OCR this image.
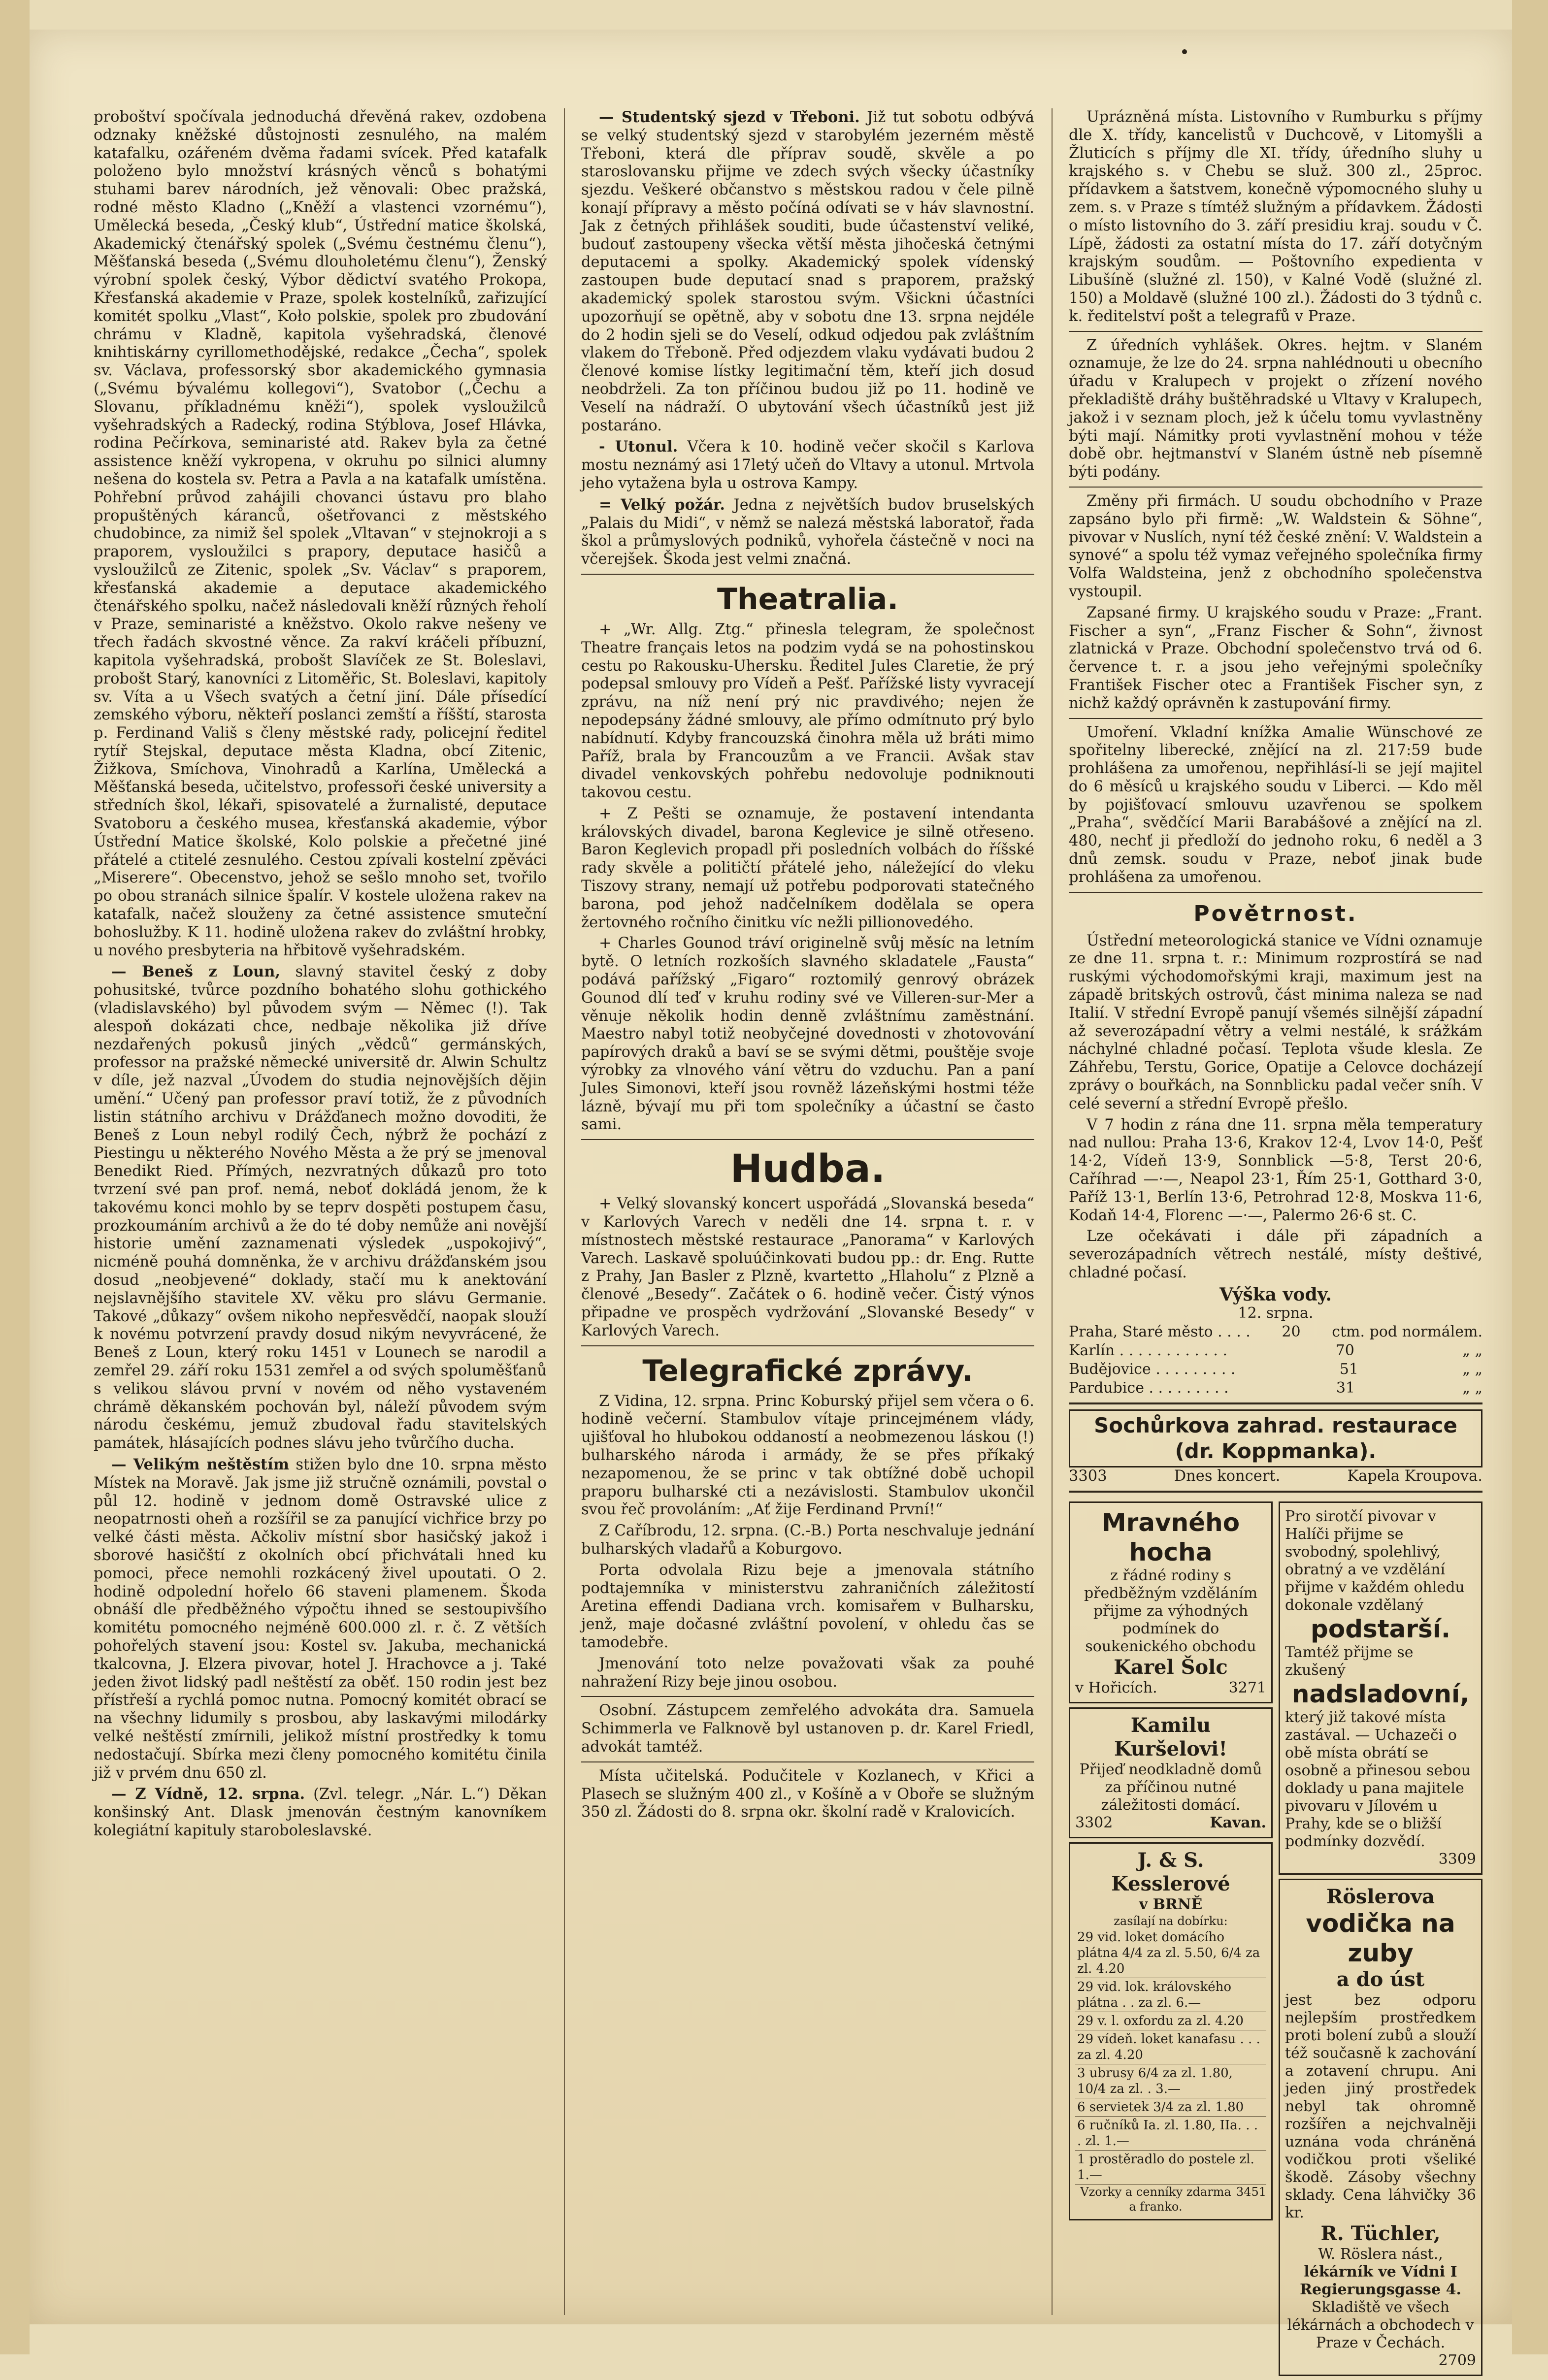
proboštví spočívala jednoduchá dřevěná rakev, ozdobena odznaky kněžské důstojnosti zesnulého, na malém katafalku, ozářeném dvěma řadami svícek. Před katafalk položeno bylo množství krásných věnců s bohatými stuhami barev národních, jež věnovali: Obec pražská, rodné město Kladno („Kněží a vlastenci vzornému“), Umělecká beseda, „Český klub“, Ústřední matice školská, Akademický čtenářský spolek („Svému čestnému členu“), Měšťanská beseda („Svému dlouholetému členu“), Ženský výrobní spolek český, Výbor dědictví svatého Prokopa, Křesťanská akademie v Praze, spolek kostelníků, zařizující komitét spolku „Vlast“, Koło polskie, spolek pro zbudování chrámu v Kladně, kapitola vyšehradská, členové knihtiskárny cyrillomethodějské, redakce „Čecha“, spolek sv. Václava, professorský sbor akademického gymnasia („Svému bývalému kollegovi“), Svatobor („Čechu a Slovanu, příkladnému kněži“), spolek vysloužilců vyšehradských a Radecký, rodina Stýblova, Josef Hlávka, rodina Pečírkova, seminaristé atd. Rakev byla za četné assistence kněží vykropena, v okruhu po silnici alumny nešena do kostela sv. Petra a Pavla a na katafalk umístěna. Pohřební průvod zahájili chovanci ústavu pro blaho propuštěných káranců, ošetřovanci z městského chudobince, za nimiž šel spolek „Vltavan“ v stejnokroji a s praporem, vysloužilci s prapory, deputace hasičů a vysloužilců ze Zitenic, spolek „Sv. Václav“ s praporem, křesťanská akademie a deputace akademického čtenářského spolku, načež následovali kněží různých řeholí v Praze, seminaristé a kněžstvo. Okolo rakve nešeny ve třech řadách skvostné věnce. Za rakví kráčeli příbuzní, kapitola vyšehradská, probošt Slavíček ze St. Boleslavi, probošt Starý, kanovníci z Litoměřic, St. Boleslavi, kapitoly sv. Víta a u Všech svatých a četní jiní. Dále přísedící zemského výboru, někteří poslanci zemští a říšští, starosta p. Ferdinand Vališ s členy městské rady, policejní ředitel rytíř Stejskal, deputace města Kladna, obcí Zitenic, Žižkova, Smíchova, Vinohradů a Karlína, Umělecká a Měšťanská beseda, učitelstvo, professoři české university a středních škol, lékaři, spisovatelé a žurnalisté, deputace Svatoboru a českého musea, křesťanská akademie, výbor Ústřední Matice školské, Kolo polskie a přečetné jiné přátelé a ctitelé zesnulého. Cestou zpívali kostelní zpěváci „Miserere“. Obecenstvo, jehož se sešlo mnoho set, tvořilo po obou stranách silnice špalír. V kostele uložena rakev na katafalk, načež slouženy za četné assistence smuteční bohoslužby. K 11. hodině uložena rakev do zvláštní hrobky, u nového presbyteria na hřbitově vyšehradském.

— Beneš z Loun, slavný stavitel český z doby pohusitské, tvůrce pozdního bohatého slohu gothického (vladislavského) byl původem svým — Němec (!). Tak alespoň dokázati chce, nedbaje několika již dříve nezdařených pokusů jiných „vědců“ germánských, professor na pražské německé universitě dr. Alwin Schultz v díle, jež nazval „Úvodem do studia nejnovějších dějin umění.“ Učený pan professor praví totiž, že z původních listin státního archivu v Drážďanech možno dovoditi, že Beneš z Loun nebyl rodilý Čech, nýbrž že pochází z Piestingu u některého Nového Města a že prý se jmenoval Benedikt Ried. Přímých, nezvratných důkazů pro toto tvrzení své pan prof. nemá, neboť dokládá jenom, že k takovému konci mohlo by se teprv dospěti postupem času, prozkoumáním archivů a že do té doby nemůže ani novější historie umění zaznamenati výsledek „uspokojivý“, nicméně pouhá domněnka, že v archivu drážďanském jsou dosud „neobjevené“ doklady, stačí mu k anektování nejslavnějšího stavitele XV. věku pro slávu Germanie. Takové „důkazy“ ovšem nikoho nepřesvědčí, naopak slouží k novému potvrzení pravdy dosud nikým nevyvrácené, že Beneš z Loun, který roku 1451 v Lounech se narodil a zemřel 29. září roku 1531 zemřel a od svých spoluměšťanů s velikou slávou první v novém od něho vystaveném chrámě děkanském pochován byl, náleží původem svým národu českému, jemuž zbudoval řadu stavitelských památek, hlásajících podnes slávu jeho tvůrčího ducha.

— Velikým neštěstím stižen bylo dne 10. srpna město Místek na Moravě. Jak jsme již stručně oznámili, povstal o půl 12. hodině v jednom domě Ostravské ulice z neopatrnosti oheň a rozšířil se za panující vichřice brzy po velké části města. Ačkoliv místní sbor hasičský jakož i sborové hasičští z okolních obcí přichvátali hned ku pomoci, přece nemohli rozkácený živel upoutati. O 2. hodině odpolední hořelo 66 staveni plamenem. Škoda obnáší dle předběžného výpočtu ihned se sestoupivšího komitétu pomocného nejméně 600.000 zl. r. č. Z větších pohořelých stavení jsou: Kostel sv. Jakuba, mechanická tkalcovna, J. Elzera pivovar, hotel J. Hrachovce a j. Také jeden život lidský padl neštěstí za oběť. 150 rodin jest bez přístřeší a rychlá pomoc nutna. Pomocný komitét obrací se na všechny lidumily s prosbou, aby laskavými milodárky velké neštěstí zmírnili, jelikož místní prostředky k tomu nedostačují. Sbírka mezi členy pomocného komitétu činila již v prvém dnu 650 zl.

— Z Vídně, 12. srpna. (Zvl. telegr. „Nár. L.“) Děkan konšinský Ant. Dlask jmenován čestným kanovníkem kolegiátní kapituly staroboleslavské.

— Studentský sjezd v Třeboni. Již tut sobotu odbývá se velký studentský sjezd v starobylém jezerném městě Třeboni, která dle příprav soudě, skvěle a po staroslovansku přijme ve zdech svých všecky účastníky sjezdu. Veškeré občanstvo s městskou radou v čele pilně konají přípravy a město počíná odívati se v háv slavnostní. Jak z četných přihlášek souditi, bude účastenství veliké, budouť zastoupeny všecka větší města jihočeská četnými deputacemi a spolky. Akademický spolek vídenský zastoupen bude deputací snad s praporem, pražský akademický spolek starostou svým. Všickni účastníci upozorňují se opětně, aby v sobotu dne 13. srpna nejdéle do 2 hodin sjeli se do Veselí, odkud odjedou pak zvláštním vlakem do Třeboně. Před odjezdem vlaku vydávati budou 2 členové komise lístky legitimační těm, kteří jich dosud neobdrželi. Za ton příčinou budou již po 11. hodině ve Veselí na nádraží. O ubytování všech účastníků jest již postaráno.

- Utonul. Včera k 10. hodině večer skočil s Karlova mostu neznámý asi 17letý učeň do Vltavy a utonul. Mrtvola jeho vytažena byla u ostrova Kampy.

= Velký požár. Jedna z největších budov bruselských „Palais du Midi“, v němž se nalezá městská laboratoř, řada škol a průmyslových podniků, vyhořela částečně v noci na včerejšek. Škoda jest velmi značná.

Theatralia.

+ „Wr. Allg. Ztg.“ přinesla telegram, že společnost Theatre français letos na podzim vydá se na pohostinskou cestu po Rakousku-Uhersku. Ředitel Jules Claretie, že prý podepsal smlouvy pro Vídeň a Pešť. Pařížské listy vyvracejí zprávu, na níž není prý nic pravdivého; nejen že nepodepsány žádné smlouvy, ale přímo odmítnuto prý bylo nabídnutí. Kdyby francouzská činohra měla už bráti mimo Paříž, brala by Francouzům a ve Francii. Avšak stav divadel venkovských pohřebu nedovoluje podniknouti takovou cestu.

+ Z Pešti se oznamuje, že postavení intendanta královských divadel, barona Keglevice je silně otřeseno. Baron Keglevich propadl při posledních volbách do říšské rady skvěle a političtí přátelé jeho, náležející do vleku Tiszovy strany, nemají už potřebu podporovati statečného barona, pod jehož nadčelníkem dodělala se opera žertovného ročního činitku víc nežli pillionovedého.

+ Charles Gounod tráví originelně svůj měsíc na letním bytě. O letních rozkoších slavného skladatele „Fausta“ podává pařížský „Figaro“ roztomilý genrový obrázek Gounod dlí teď v kruhu rodiny své ve Villeren-sur-Mer a věnuje několik hodin denně zvláštnímu zaměstnání. Maestro nabyl totiž neobyčejné dovednosti v zhotovování papírových draků a baví se se svými dětmi, pouštěje svoje výrobky za vlnového vání větru do vzduchu. Pan a paní Jules Simonovi, kteří jsou rovněž lázeňskými hostmi téže lázně, bývají mu při tom společníky a účastní se často sami.

Hudba.

+ Velký slovanský koncert uspořádá „Slovanská beseda“ v Karlových Varech v neděli dne 14. srpna t. r. v místnostech městské restaurace „Panorama“ v Karlových Varech. Laskavě spoluúčinkovati budou pp.: dr. Eng. Rutte z Prahy, Jan Basler z Plzně, kvartetto „Hlaholu“ z Plzně a členové „Besedy“. Začátek o 6. hodině večer. Čistý výnos připadne ve prospěch vydržování „Slovanské Besedy“ v Karlových Varech.

Telegrafické zprávy.

Z Vidina, 12. srpna. Princ Koburský přijel sem včera o 6. hodině večerní. Stambulov vítaje princejménem vlády, ujišťoval ho hlubokou oddaností a neobmezenou láskou (!) bulharského národa i armády, že se přes příkaký nezapomenou, že se princ v tak obtížné době uchopil praporu bulharské cti a nezávislosti. Stambulov ukončil svou řeč provoláním: „Ať žije Ferdinand První!“

Z Caříbrodu, 12. srpna. (C.-B.) Porta neschvaluje jednání bulharských vladařů a Koburgovo.

Porta odvolala Rizu beje a jmenovala státního podtajemníka v ministerstvu zahraničních záležitostí Aretina effendi Dadiana vrch. komisařem v Bulharsku, jenž, maje dočasné zvláštní povolení, v ohledu čas se tamodebře.

Jmenování toto nelze považovati však za pouhé nahražení Rizy beje jinou osobou.

Osobní. Zástupcem zemřelého advokáta dra. Samuela Schimmerla ve Falknově byl ustanoven p. dr. Karel Friedl, advokát tamtéž.

Místa učitelská. Podučitele v Kozlanech, v Křici a Plasech se služným 400 zl., v Košíně a v Oboře se služným 350 zl. Žádosti do 8. srpna okr. školní radě v Kralovicích.

Uprázněná místa. Listovního v Rumburku s příjmy dle X. třídy, kancelistů v Duchcově, v Litomyšli a Žluticích s příjmy dle XI. třídy, úředního sluhy u krajského s. v Chebu se služ. 300 zl., 25proc. přídavkem a šatstvem, konečně výpomocného sluhy u zem. s. v Praze s tímtéž služným a přídavkem. Žádosti o místo listovního do 3. září presidiu kraj. soudu v Č. Lípě, žádosti za ostatní místa do 17. září dotyčným krajským soudům. — Poštovního expedienta v Libušíně (služné zl. 150), v Kalné Vodě (služné zl. 150) a Moldavě (služné 100 zl.). Žádosti do 3 týdnů c. k. ředitelství pošt a telegrafů v Praze.

Z úředních vyhlášek. Okres. hejtm. v Slaném oznamuje, že lze do 24. srpna nahlédnouti u obecního úřadu v Kralupech v projekt o zřízení nového překladiště dráhy buštěhradské u Vltavy v Kralupech, jakož i v seznam ploch, jež k účelu tomu vyvlastněny býti mají. Námitky proti vyvlastnění mohou v téže době obr. hejtmanství v Slaném ústně neb písemně býti podány.

Změny při firmách. U soudu obchodního v Praze zapsáno bylo při firmě: „W. Waldstein & Söhne“, pivovar v Nuslích, nyní též české znění: V. Waldstein a synové“ a spolu též vymaz veřejného společníka firmy Volfa Waldsteina, jenž z obchodního společenstva vystoupil.

Zapsané firmy. U krajského soudu v Praze: „Frant. Fischer a syn“, „Franz Fischer & Sohn“, živnost zlatnická v Praze. Obchodní společenstvo trvá od 6. července t. r. a jsou jeho veřejnými společníky František Fischer otec a František Fischer syn, z nichž každý oprávněn k zastupování firmy.

Umoření. Vkladní knížka Amalie Wünschové ze spořitelny liberecké, znějící na zl. 217:59 bude prohlášena za umořenou, nepřihlásí-li se její majitel do 6 měsíců u krajského soudu v Liberci. — Kdo měl by pojišťovací smlouvu uzavřenou se spolkem „Praha“, svědčící Marii Barabášové a znějící na zl. 480, nechť ji předloží do jednoho roku, 6 neděl a 3 dnů zemsk. soudu v Praze, neboť jinak bude prohlášena za umořenou.

Povětrnost.

Ústřední meteorologická stanice ve Vídni oznamuje ze dne 11. srpna t. r.: Minimum rozprostírá se nad ruskými východomořskými kraji, maximum jest na západě britských ostrovů, část minima naleza se nad Italií. V střední Evropě panují všemés silnější západní až severozápadní větry a velmi nestálé, k srážkám náchylné chladné počasí. Teplota všude klesla. Ze Záhřebu, Terstu, Gorice, Opatije a Celovce docházejí zprávy o bouřkách, na Sonnblicku padal večer sníh. V celé severní a střední Evropě přešlo.

V 7 hodin z rána dne 11. srpna měla temperatury nad nullou: Praha 13·6, Krakov 12·4, Lvov 14·0, Pešť 14·2, Vídeň 13·9, Sonnblick —5·8, Terst 20·6, Caříhrad —·—, Neapol 23·1, Řím 25·1, Gotthard 3·0, Paříž 13·1, Berlín 13·6, Petrohrad 12·8, Moskva 11·6, Kodaň 14·4, Florenc —·—, Palermo 26·6 st. C.

Lze očekávati i dále při západních a severozápadních větrech nestálé, místy deštivé, chladné počasí.

Výška vody.
12. srpna.
Praha, Staré město . . . . 20 ctm. pod normálem.
Karlín . . . . . . . . . . . .	70	„ „
Budějovice . . . . . . . . .	51	„ „
Pardubice . . . . . . . . .	31	„ „
Sochůrkova zahrad. restaurace (dr. Koppmanka).
3303	Dnes koncert.	Kapela Kroupova.
Mravného hocha
z řádné rodiny s předběžným vzděláním přijme za výhodných podmínek do soukenického obchodu
Karel Šolc
v Hořicích.	3271
Kamilu Kuršelovi!
Přijeď neodkladně domů za příčinou nutné záležitosti domácí.
3302	Kavan.
J. & S. Kesslerové
v BRNĚ
zasílají na dobírku:
29 vid. loket domácího plátna 4/4 za zl. 5.50, 6/4 za zl. 4.20
29 vid. lok. královského plátna . . za zl. 6.—
29 v. l. oxfordu za zl. 4.20
29 vídeň. loket kanafasu . . . za zl. 4.20
3 ubrusy 6/4 za zl. 1.80, 10/4 za zl. . 3.—
6 servietek 3/4 za zl. 1.80
6 ručníků Ia. zl. 1.80, IIa. . . . zl. 1.—
1 prostěradlo do postele zl. 1.—
Vzorky a cenníky zdarma a franko.
3451
Pro sirotčí pivovar v Halíči přijme se svobodný, spolehlivý, obratný a ve vzdělání přijme v každém ohledu dokonale vzdělaný
podstarší.
Tamtéž přijme se zkušený
nadsladovní,
který již takové místa zastával. — Uchazeči o obě místa obrátí se osobně a přinesou sebou doklady u pana majitele pivovaru v Jílovém u Prahy, kde se o bližší podmínky dozvědí.
3309
Röslerova
vodička na zuby
a do úst
jest bez odporu nejlepším prostředkem proti bolení zubů a slouží též současně k zachování a zotavení chrupu. Ani jeden jiný prostředek nebyl tak ohromně rozšířen a nejchvalněji uznána voda chráněná vodičkou proti všeliké škodě. Zásoby všechny sklady. Cena láhvičky 36 kr.
R. Tüchler,
W. Röslera nást.,
lékárník ve Vídni I Regierungsgasse 4.
Skladiště ve všech lékárnách a obchodech v Praze v Čechách.
2709
